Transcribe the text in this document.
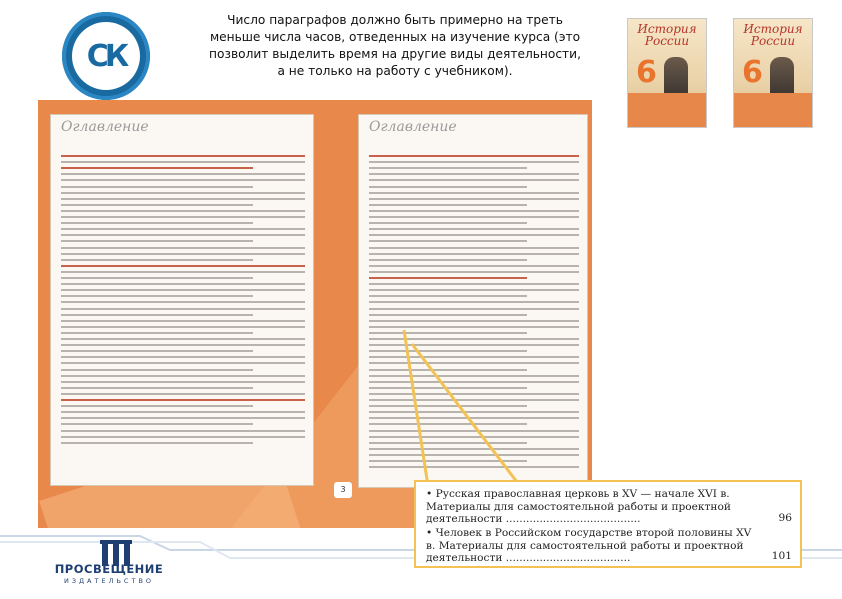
СК
Число параграфов должно быть примерно на треть
меньше числа часов, отведенных на изучение курса (это
позволит выделить время на другие виды деятельности,
а не только на работу с учебником).
История России
6
История России
6
Оглавление	Оглавление
3	• Русская православная церковь в XV — начале XVI в. Материалы для самостоятельной работы и проектной деятельности ........................................	96
• Человек в Российском государстве второй половины XV в. Материалы для самостоятельной работы и проектной деятельности .....................................	101
ПРОСВЕЩЕНИЕ
ИЗДАТЕЛЬСТВО
